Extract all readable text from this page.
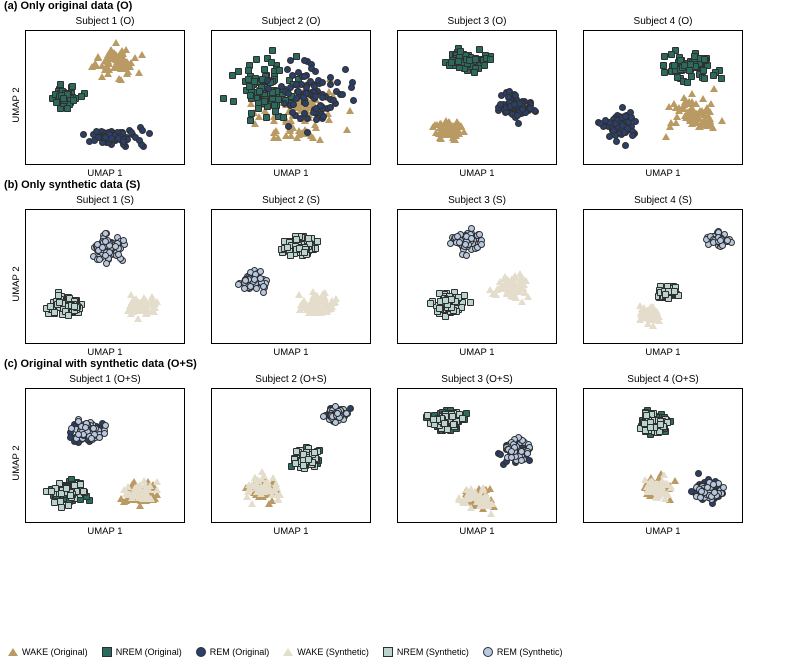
(a) Only original data (O)
Subject 1 (O)
UMAP 2
UMAP 1
Subject 2 (O)
UMAP 1
Subject 3 (O)
UMAP 1
Subject 4 (O)
UMAP 1
(b) Only synthetic data (S)
Subject 1 (S)
UMAP 2
UMAP 1
Subject 2 (S)
UMAP 1
Subject 3 (S)
UMAP 1
Subject 4 (S)
UMAP 1
(c) Original with synthetic data (O+S)
Subject 1 (O+S)
UMAP 2
UMAP 1
Subject 2 (O+S)
UMAP 1
Subject 3 (O+S)
UMAP 1
Subject 4 (O+S)
UMAP 1
WAKE (Original)	NREM (Original)	REM (Original)	WAKE (Synthetic)	NREM (Synthetic)	REM (Synthetic)
